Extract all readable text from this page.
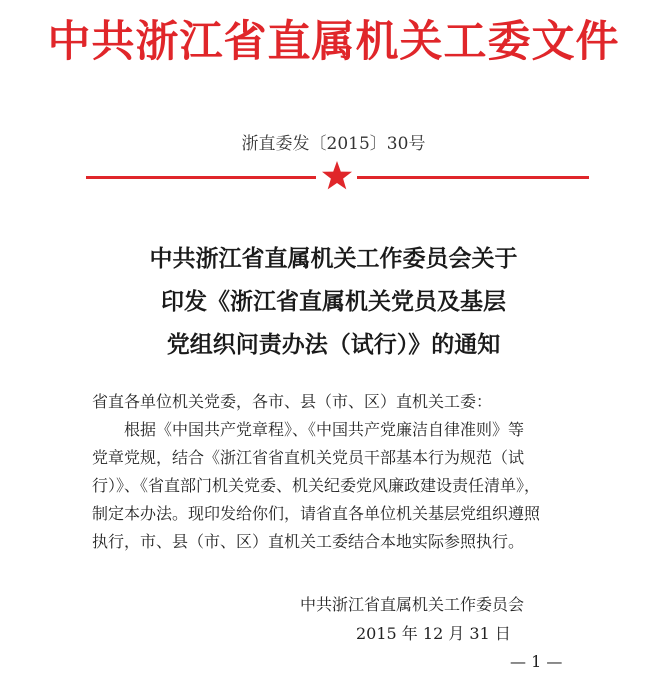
中共浙江省直属机关工委文件
浙直委发〔2015〕30号
中共浙江省直属机关工作委员会关于
印发《浙江省直属机关党员及基层
党组织问责办法（试行）》的通知
省直各单位机关党委，各市、县（市、区）直机关工委：
根据《中国共产党章程》、《中国共产党廉洁自律准则》等
党章党规，结合《浙江省省直机关党员干部基本行为规范（试
行）》、《省直部门机关党委、机关纪委党风廉政建设责任清单》，
制定本办法。现印发给你们，请省直各单位机关基层党组织遵照
执行，市、县（市、区）直机关工委结合本地实际参照执行。
中共浙江省直属机关工作委员会
2015 年 12 月 31 日
— 1 —
